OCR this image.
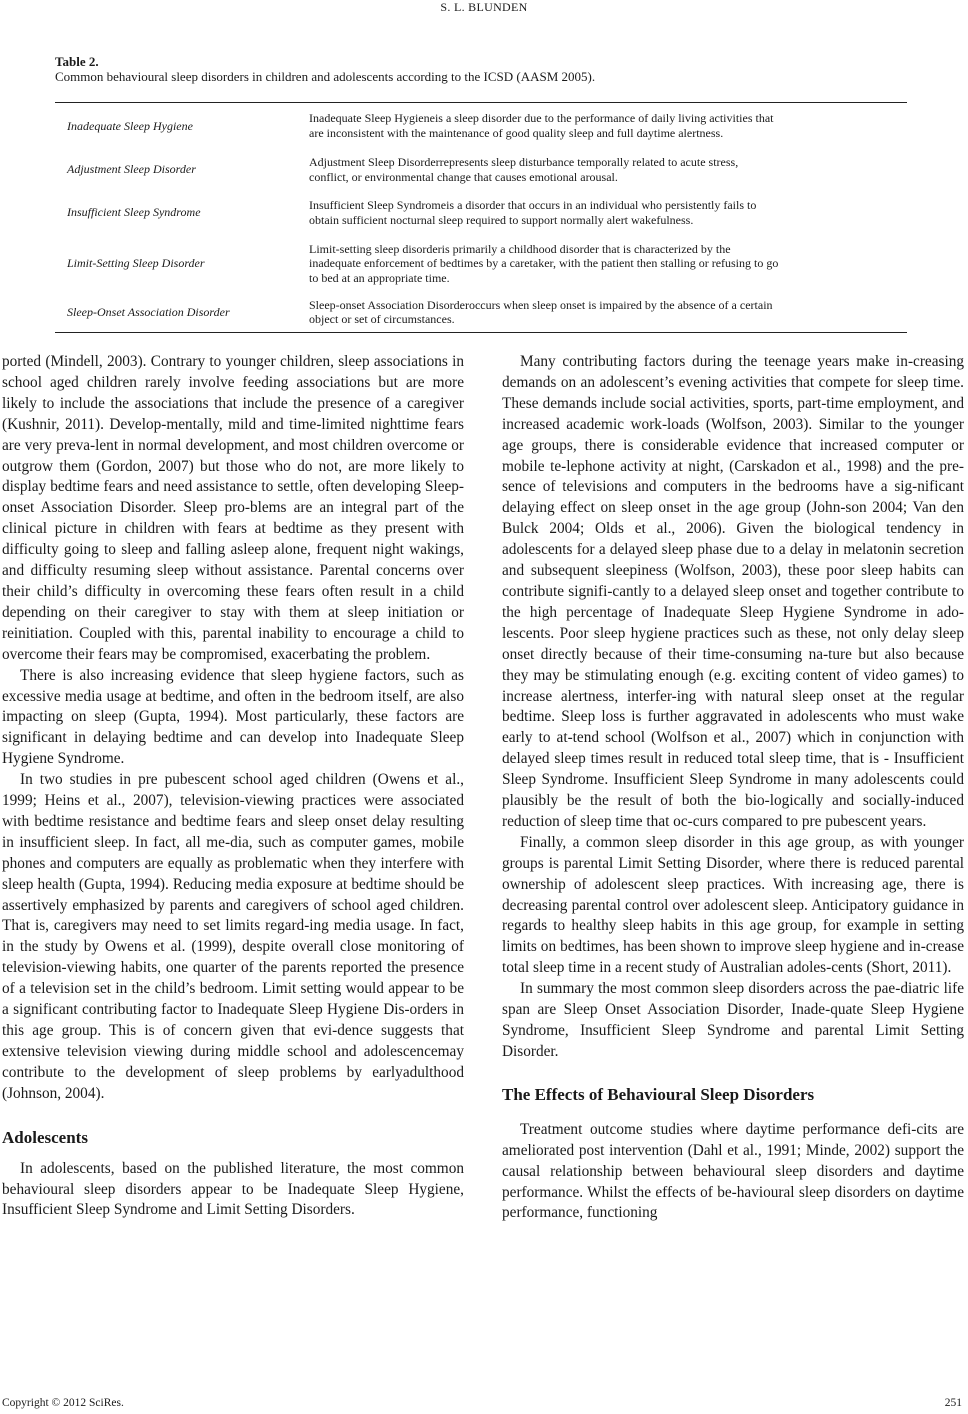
S. L. BLUNDEN
Table 2.
Common behavioural sleep disorders in children and adolescents according to the ICSD (AASM 2005).
Inadequate Sleep Hygiene	Inadequate Sleep Hygieneis a sleep disorder due to the performance of daily living activities that
are inconsistent with the maintenance of good quality sleep and full daytime alertness.

Adjustment Sleep Disorder	Adjustment Sleep Disorderrepresents sleep disturbance temporally related to acute stress,
conflict, or environmental change that causes emotional arousal.

Insufficient Sleep Syndrome	Insufficient Sleep Syndromeis a disorder that occurs in an individual who persistently fails to
obtain sufficient nocturnal sleep required to support normally alert wakefulness.

Limit-Setting Sleep Disorder	Limit-setting sleep disorderis primarily a childhood disorder that is characterized by the
inadequate enforcement of bedtimes by a caretaker, with the patient then stalling or refusing to go
to bed at an appropriate time.

Sleep-Onset Association Disorder	Sleep-onset Association Disorderoccurs when sleep onset is impaired by the absence of a certain
object or set of circumstances.

ported (Mindell, 2003). Contrary to younger children, sleep associations in school aged children rarely involve feeding associations but are more likely to include the associations that include the presence of a caregiver (Kushnir, 2011). Develop-mentally, mild and time-limited nighttime fears are very preva-lent in normal development, and most children overcome or outgrow them (Gordon, 2007) but those who do not, are more likely to display bedtime fears and need assistance to settle, often developing Sleep-onset Association Disorder. Sleep pro-blems are an integral part of the clinical picture in children with fears at bedtime as they present with difficulty going to sleep and falling asleep alone, frequent night wakings, and difficulty resuming sleep without assistance. Parental concerns over their child’s difficulty in overcoming these fears often result in a child depending on their caregiver to stay with them at sleep initiation or reinitiation. Coupled with this, parental inability to encourage a child to overcome their fears may be compromised, exacerbating the problem.

There is also increasing evidence that sleep hygiene factors, such as excessive media usage at bedtime, and often in the bedroom itself, are also impacting on sleep (Gupta, 1994). Most particularly, these factors are significant in delaying bedtime and can develop into Inadequate Sleep Hygiene Syndrome.

In two studies in pre pubescent school aged children (Owens et al., 1999; Heins et al., 2007), television-viewing practices were associated with bedtime resistance and bedtime fears and sleep onset delay resulting in insufficient sleep. In fact, all me-dia, such as computer games, mobile phones and computers are equally as problematic when they interfere with sleep health (Gupta, 1994). Reducing media exposure at bedtime should be assertively emphasized by parents and caregivers of school aged children. That is, caregivers may need to set limits regard-ing media usage. In fact, in the study by Owens et al. (1999), despite overall close monitoring of television-viewing habits, one quarter of the parents reported the presence of a television set in the child’s bedroom. Limit setting would appear to be a significant contributing factor to Inadequate Sleep Hygiene Dis-orders in this age group. This is of concern given that evi-dence suggests that extensive television viewing during middle school and adolescencemay contribute to the development of sleep problems by earlyadulthood (Johnson, 2004).

Adolescents

In adolescents, based on the published literature, the most common behavioural sleep disorders appear to be Inadequate Sleep Hygiene, Insufficient Sleep Syndrome and Limit Setting Disorders.

Many contributing factors during the teenage years make in-creasing demands on an adolescent’s evening activities that compete for sleep time. These demands include social activities, sports, part-time employment, and increased academic work-loads (Wolfson, 2003). Similar to the younger age groups, there is considerable evidence that increased computer or mobile te-lephone activity at night, (Carskadon et al., 1998) and the pre-sence of televisions and computers in the bedrooms have a sig-nificant delaying effect on sleep onset in the age group (John-son 2004; Van den Bulck 2004; Olds et al., 2006). Given the biological tendency in adolescents for a delayed sleep phase due to a delay in melatonin secretion and subsequent sleepiness (Wolfson, 2003), these poor sleep habits can contribute signifi-cantly to a delayed sleep onset and together contribute to the high percentage of Inadequate Sleep Hygiene Syndrome in ado-lescents. Poor sleep hygiene practices such as these, not only delay sleep onset directly because of their time-consuming na-ture but also because they may be stimulating enough (e.g. exciting content of video games) to increase alertness, interfer-ing with natural sleep onset at the regular bedtime. Sleep loss is further aggravated in adolescents who must wake early to at-tend school (Wolfson et al., 2007) which in conjunction with delayed sleep times result in reduced total sleep time, that is - Insufficient Sleep Syndrome. Insufficient Sleep Syndrome in many adolescents could plausibly be the result of both the bio-logically and socially-induced reduction of sleep time that oc-curs compared to pre pubescent years.

Finally, a common sleep disorder in this age group, as with younger groups is parental Limit Setting Disorder, where there is reduced parental ownership of adolescent sleep practices. With increasing age, there is decreasing parental control over adolescent sleep. Anticipatory guidance in regards to healthy sleep habits in this age group, for example in setting limits on bedtimes, has been shown to improve sleep hygiene and in-crease total sleep time in a recent study of Australian adoles-cents (Short, 2011).

In summary the most common sleep disorders across the pae-diatric life span are Sleep Onset Association Disorder, Inade-quate Sleep Hygiene Syndrome, Insufficient Sleep Syndrome and parental Limit Setting Disorder.

The Effects of Behavioural Sleep Disorders

Treatment outcome studies where daytime performance defi-cits are ameliorated post intervention (Dahl et al., 1991; Minde, 2002) support the causal relationship between behavioural sleep disorders and daytime performance. Whilst the effects of be-havioural sleep disorders on daytime performance, functioning

Copyright © 2012 SciRes.	251
